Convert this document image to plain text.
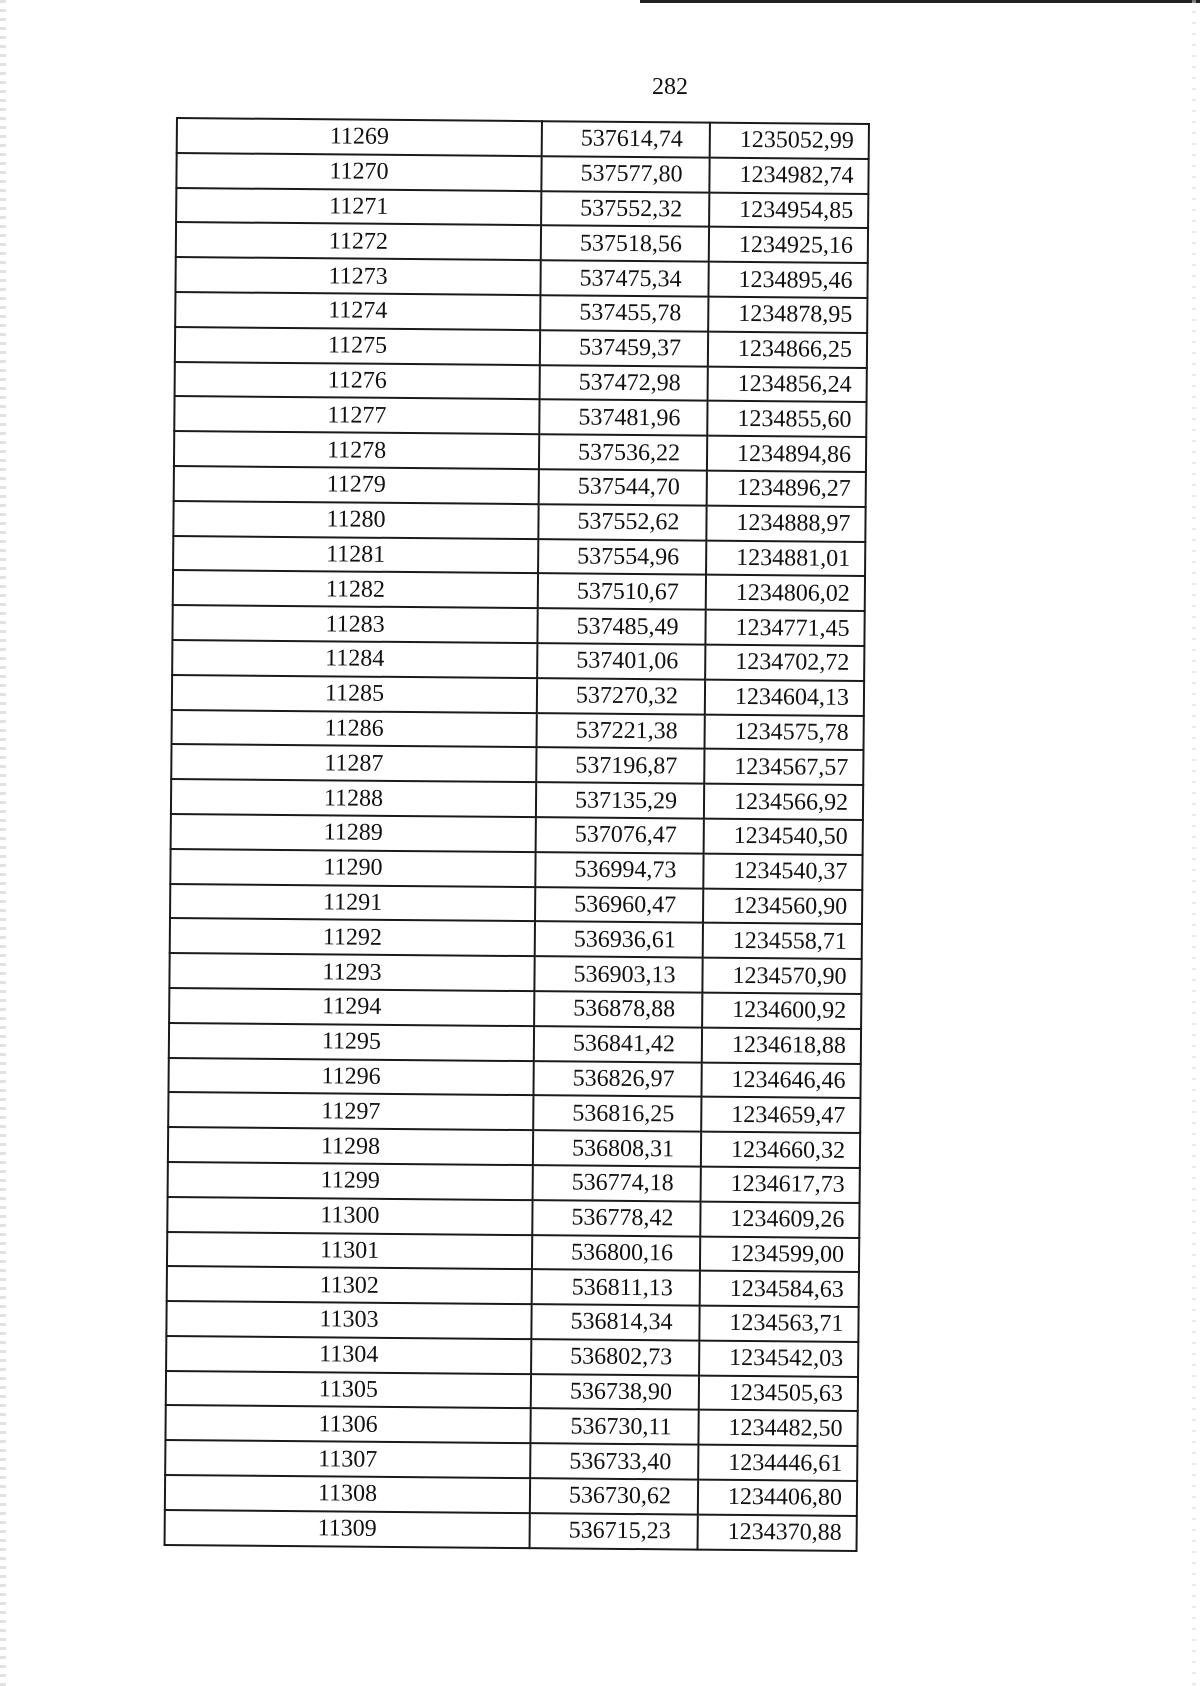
282
11269	537614,74	1235052,99
11270	537577,80	1234982,74
11271	537552,32	1234954,85
11272	537518,56	1234925,16
11273	537475,34	1234895,46
11274	537455,78	1234878,95
11275	537459,37	1234866,25
11276	537472,98	1234856,24
11277	537481,96	1234855,60
11278	537536,22	1234894,86
11279	537544,70	1234896,27
11280	537552,62	1234888,97
11281	537554,96	1234881,01
11282	537510,67	1234806,02
11283	537485,49	1234771,45
11284	537401,06	1234702,72
11285	537270,32	1234604,13
11286	537221,38	1234575,78
11287	537196,87	1234567,57
11288	537135,29	1234566,92
11289	537076,47	1234540,50
11290	536994,73	1234540,37
11291	536960,47	1234560,90
11292	536936,61	1234558,71
11293	536903,13	1234570,90
11294	536878,88	1234600,92
11295	536841,42	1234618,88
11296	536826,97	1234646,46
11297	536816,25	1234659,47
11298	536808,31	1234660,32
11299	536774,18	1234617,73
11300	536778,42	1234609,26
11301	536800,16	1234599,00
11302	536811,13	1234584,63
11303	536814,34	1234563,71
11304	536802,73	1234542,03
11305	536738,90	1234505,63
11306	536730,11	1234482,50
11307	536733,40	1234446,61
11308	536730,62	1234406,80
11309	536715,23	1234370,88
